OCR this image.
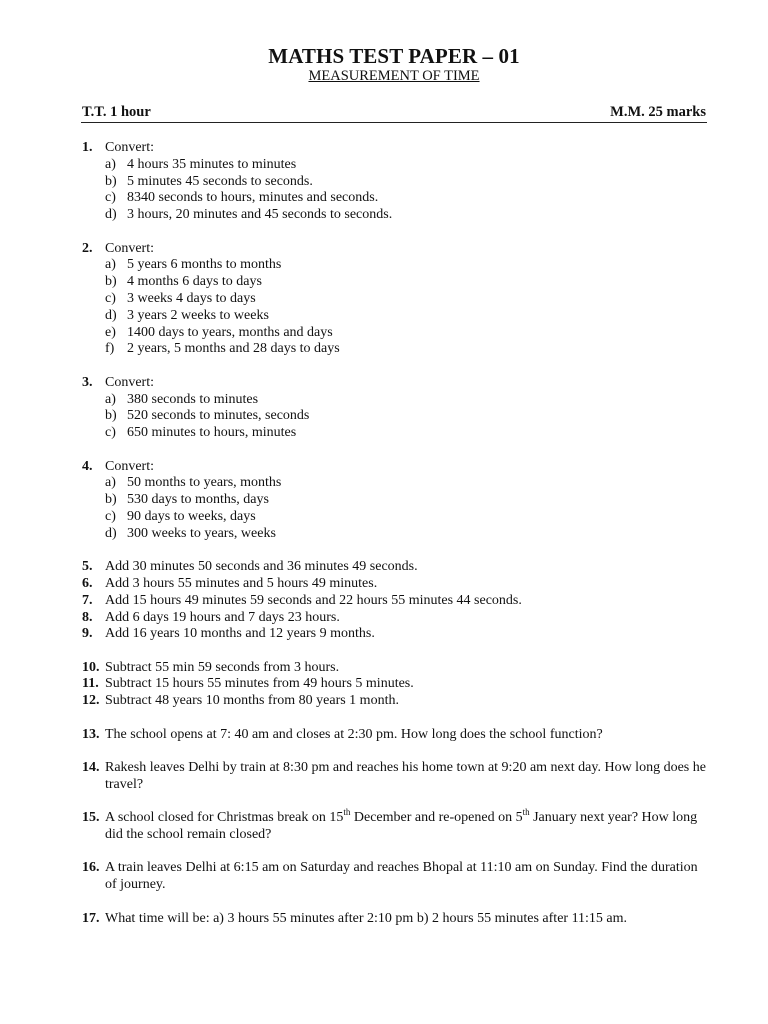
MATHS TEST PAPER – 01
MEASUREMENT OF TIME
T.T. 1 hour	M.M. 25 marks
1. Convert:
a) 4 hours 35 minutes to minutes
b) 5 minutes 45 seconds to seconds.
c) 8340 seconds to hours, minutes and seconds.
d) 3 hours, 20 minutes and 45 seconds to seconds.
2. Convert:
a) 5 years 6 months to months
b) 4 months 6 days to days
c) 3 weeks 4 days to days
d) 3 years 2 weeks to weeks
e) 1400 days to years, months and days
f) 2 years, 5 months and 28 days to days
3. Convert:
a) 380 seconds to minutes
b) 520 seconds to minutes, seconds
c) 650 minutes to hours, minutes
4. Convert:
a) 50 months to years, months
b) 530 days to months, days
c) 90 days to weeks, days
d) 300 weeks to years, weeks
5. Add 30 minutes 50 seconds and 36 minutes 49 seconds.
6. Add 3 hours 55 minutes and 5 hours 49 minutes.
7. Add 15 hours 49 minutes 59 seconds and 22 hours 55 minutes 44 seconds.
8. Add 6 days 19 hours and 7 days 23 hours.
9. Add 16 years 10 months and 12 years 9 months.
10. Subtract 55 min 59 seconds from 3 hours.
11. Subtract 15 hours 55 minutes from 49 hours 5 minutes.
12. Subtract 48 years 10 months from 80 years 1 month.
13. The school opens at 7: 40 am and closes at 2:30 pm. How long does the school function?
14. Rakesh leaves Delhi by train at 8:30 pm and reaches his home town at 9:20 am next day. How long does he travel?
15. A school closed for Christmas break on 15th December and re-opened on 5th January next year? How long did the school remain closed?
16. A train leaves Delhi at 6:15 am on Saturday and reaches Bhopal at 11:10 am on Sunday. Find the duration of journey.
17. What time will be: a) 3 hours 55 minutes after 2:10 pm b) 2 hours 55 minutes after 11:15 am.
